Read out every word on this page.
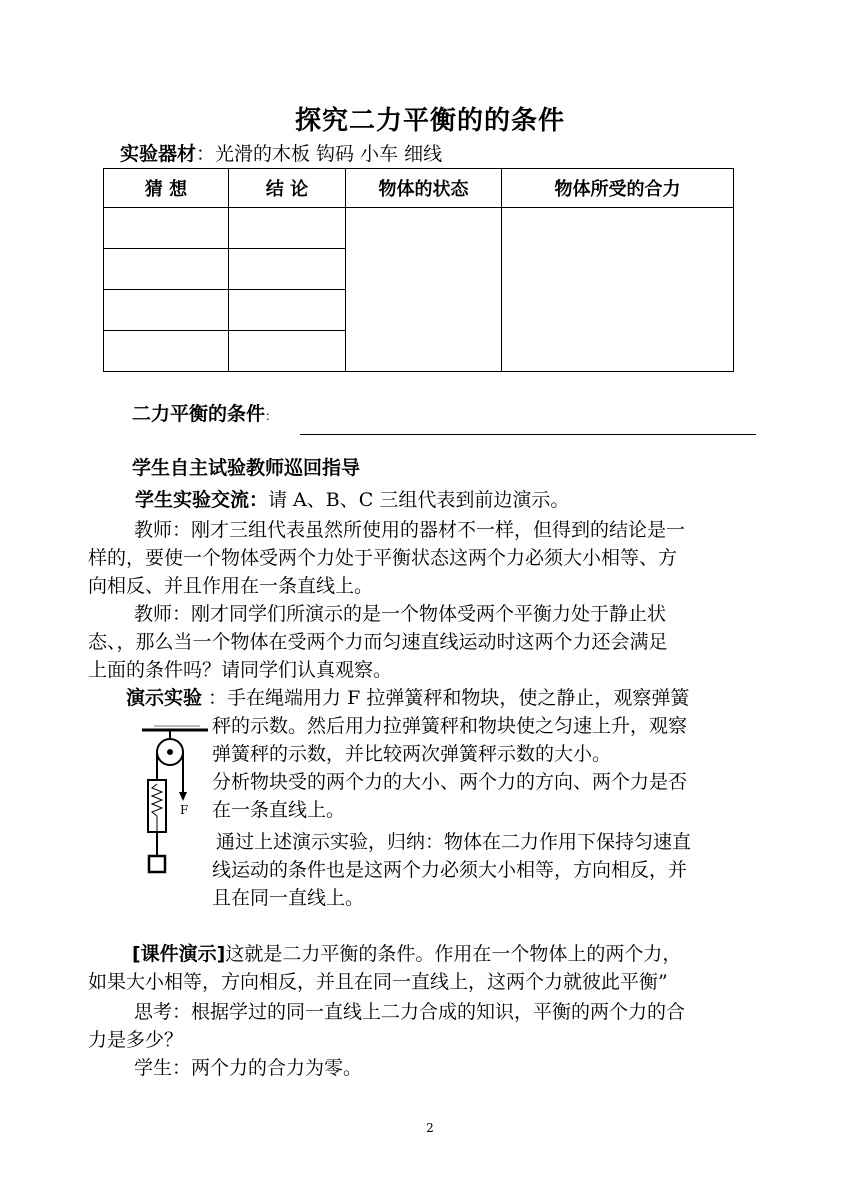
探究二力平衡的的条件
实验器材：光滑的木板 钩码 小车 细线
猜 想	结 论	物体的状态	物体所受的合力

二力平衡的条件：
学生自主试验教师巡回指导
学生实验交流：请 A、B、C 三组代表到前边演示。
教师：刚才三组代表虽然所使用的器材不一样，但得到的结论是一
样的，要使一个物体受两个力处于平衡状态这两个力必须大小相等、方
向相反、并且作用在一条直线上。
教师：刚才同学们所演示的是一个物体受两个平衡力处于静止状
态、，那么当一个物体在受两个力而匀速直线运动时这两个力还会满足
上面的条件吗？请同学们认真观察。
演示实验 ：手在绳端用力 F 拉弹簧秤和物块，使之静止，观察弹簧
秤的示数。然后用力拉弹簧秤和物块使之匀速上升，观察
弹簧秤的示数，并比较两次弹簧秤示数的大小。
分析物块受的两个力的大小、两个力的方向、两个力是否
在一条直线上。
通过上述演示实验，归纳：物体在二力作用下保持匀速直
线运动的条件也是这两个力必须大小相等，方向相反，并
且在同一直线上。
F
[课件演示]这就是二力平衡的条件。作用在一个物体上的两个力，
如果大小相等，方向相反，并且在同一直线上，这两个力就彼此平衡”
思考：根据学过的同一直线上二力合成的知识，平衡的两个力的合
力是多少？
学生：两个力的合力为零。
2
